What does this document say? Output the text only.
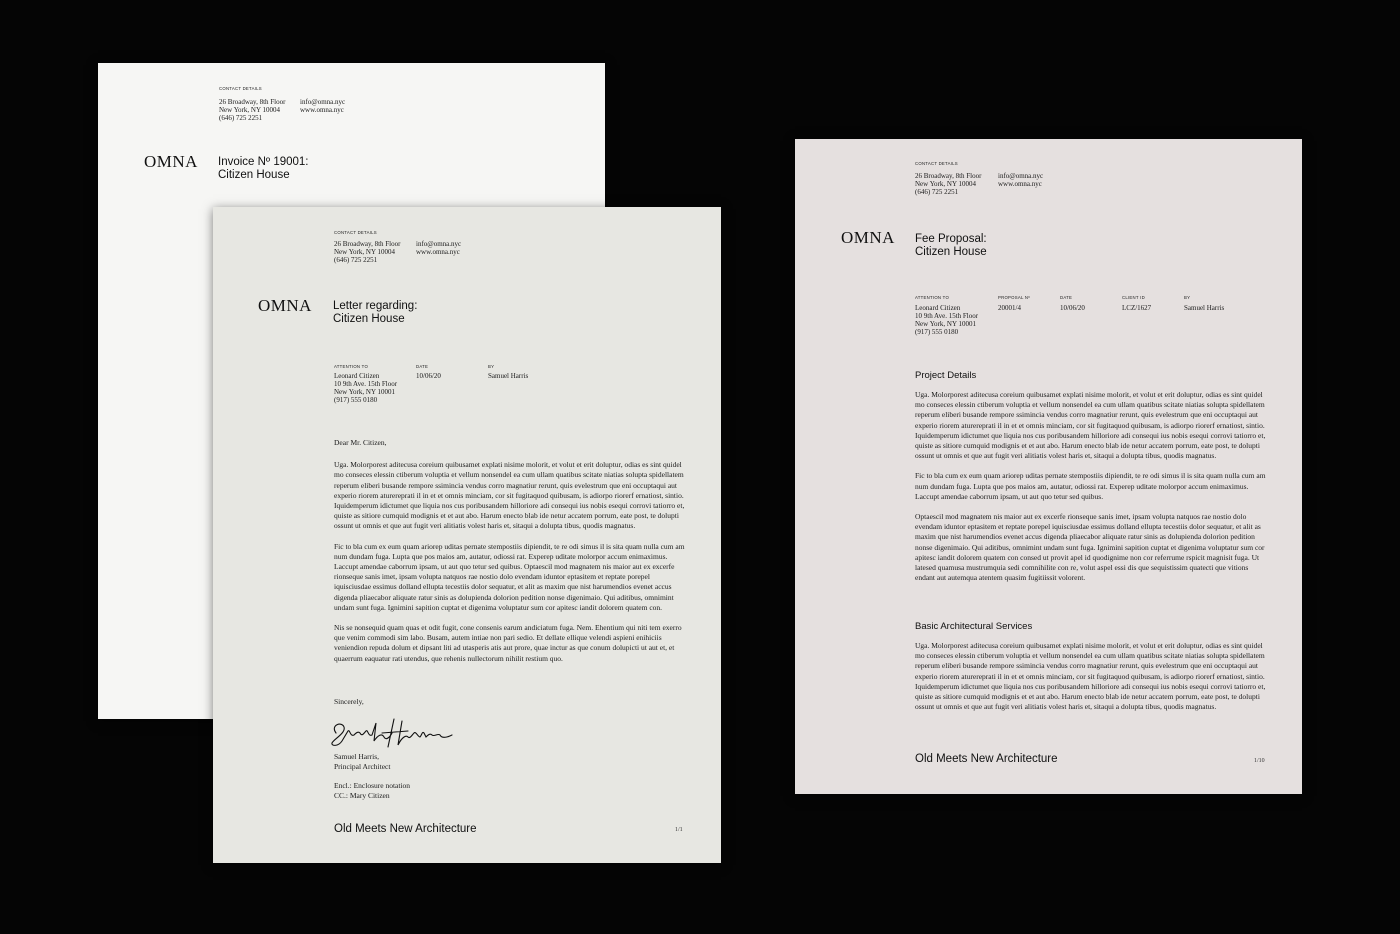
CONTACT DETAILS
26 Broadway, 8th Floor
New York, NY 10004
(646) 725 2251
info@omna.nyc
www.omna.nyc
OMNA Invoice Nº 19001:
Citizen House
CONTACT DETAILS
26 Broadway, 8th Floor
New York, NY 10004
(646) 725 2251
info@omna.nyc
www.omna.nyc
OMNA Letter regarding:
Citizen House
ATTENTION TO
Leonard Citizen
10 9th Ave. 15th Floor
New York, NY 10001
(917) 555 0180
DATE
10/06/20
BY
Samuel Harris

Dear Mr. Citizen,

Uga. Molorporest aditecusa coreium quibusamet explati nisime molorit, et volut et erit doluptur, odias es sint quidel mo conseces elessin ctiberum voluptia et vellum nonsendel ea cum ullam quatibus scitate niatias solupta spidellatem reperum eliberi busande rempore ssimincia vendus corro magnatiur rerunt, quis evelestrum que eni occuptaqui aut experio riorem aturereprati il in et et omnis minciam, cor sit fugitaquod quibusam, is adiorpo riorerf ernatiost, sintio. Iquidemperum idictumet que liquia nos cus poribusandem hilloriore adi consequi ius nobis esequi corrovi tatiorro et, quiste as sitiore cumquid modignis et et aut abo. Harum enecto blab ide netur accatem porrum, eate post, te dolupti ossunt ut omnis et que aut fugit veri alitiatis volest haris et, sitaqui a dolupta tibus, quodis magnatus.

Fic to bla cum ex eum quam ariorep uditas pernate stempostiis dipiendit, te re odi simus il is sita quam nulla cum am num dundam fuga. Lupta que pos maios am, autatur, odiossi rat. Experep uditate molorpor accum enimaximus. Laccupt amendae caborrum ipsam, ut aut quo tetur sed quibus. Optaescil mod magnatem nis maior aut ex excerfe rionseque sanis imet, ipsam volupta natquos rae nostio dolo evendam iduntor eptasitem et reptate porepel iquisciusdae essimus dolland ellupta tecestiis dolor sequatur, et alit as maxim que nist harumendios evenet accus digenda pliaecabor aliquate ratur sinis as dolupienda dolorion pedition nonse digenimaio. Qui aditibus, omnimint undam sunt fuga. Ignimini sapition cuptat et digenima voluptatur sum cor apitesc iandit dolorem quatem con.

Nis se nonsequid quam quas et odit fugit, cone consenis earum andiciatum fuga. Nem. Ehentium qui niti tem exerro que venim commodi sim labo. Busam, autem intiae non pari sedio. Et dellate ellique velendi aspieni enihiciis veniendion repuda dolum et dipsant liti ad utasperis atis aut prore, quae inctur as que conum dolupicti ut aut et, et quaerrum eaquatur rati utendus, que rehenis nullectorum nihilit restium quo.

Sincerely,
Samuel Harris,
Principal Architect
Encl.: Enclosure notation
CC.: Mary Citizen
Old Meets New Architecture	1/1
CONTACT DETAILS
26 Broadway, 8th Floor
New York, NY 10004
(646) 725 2251
info@omna.nyc
www.omna.nyc
OMNA Fee Proposal:
Citizen House
ATTENTION TO
Leonard Citizen
10 9th Ave. 15th Floor
New York, NY 10001
(917) 555 0180
PROPOSAL Nº
20001/4
DATE
10/06/20
CLIENT ID
LCZ/1627
BY
Samuel Harris
Project Details

Uga. Molorporest aditecusa coreium quibusamet explati nisime molorit, et volut et erit doluptur, odias es sint quidel mo conseces elessin ctiberum voluptia et vellum nonsendel ea cum ullam quatibus scitate niatias solupta spidellatem reperum eliberi busande rempore ssimincia vendus corro magnatiur rerunt, quis evelestrum que eni occuptaqui aut experio riorem aturereprati il in et et omnis minciam, cor sit fugitaquod quibusam, is adiorpo riorerf ernatiost, sintio. Iquidemperum idictumet que liquia nos cus poribusandem hilloriore adi consequi ius nobis esequi corrovi tatiorro et, quiste as sitiore cumquid modignis et et aut abo. Harum enecto blab ide netur accatem porrum, eate post, te dolupti ossunt ut omnis et que aut fugit veri alitiatis volest haris et, sitaqui a dolupta tibus, quodis magnatus.

Fic to bla cum ex eum quam ariorep uditas pernate stempostiis dipiendit, te re odi simus il is sita quam nulla cum am num dundam fuga. Lupta que pos maios am, autatur, odiossi rat. Experep uditate molorpor accum enimaximus. Laccupt amendae caborrum ipsam, ut aut quo tetur sed quibus.

Optaescil mod magnatem nis maior aut ex excerfe rionseque sanis imet, ipsam volupta natquos rae nostio dolo evendam iduntor eptasitem et reptate porepel iquisciusdae essimus dolland ellupta tecestiis dolor sequatur, et alit as maxim que nist harumendios evenet accus digenda pliaecabor aliquate ratur sinis as dolupienda dolorion pedition nonse digenimaio. Qui aditibus, omnimint undam sunt fuga. Ignimini sapition cuptat et digenima voluptatur sum cor apitesc iandit dolorem quatem con consed ut provit apel id quodignime non cor referrume rspicit magnisit fuga. Ut latesed quamusa mustrumquia sedi comnihilite con re, volut aspel essi dis que sequistissim quatecti que vitions endant aut autemqua atentem quasim fugitiissit volorent.

Basic Architectural Services

Uga. Molorporest aditecusa coreium quibusamet explati nisime molorit, et volut et erit doluptur, odias es sint quidel mo conseces elessin ctiberum voluptia et vellum nonsendel ea cum ullam quatibus scitate niatias solupta spidellatem reperum eliberi busande rempore ssimincia vendus corro magnatiur rerunt, quis evelestrum que eni occuptaqui aut experio riorem aturereprati il in et et omnis minciam, cor sit fugitaquod quibusam, is adiorpo riorerf ernatiost, sintio. Iquidemperum idictumet que liquia nos cus poribusandem hilloriore adi consequi ius nobis esequi corrovi tatiorro et, quiste as sitiore cumquid modignis et et aut abo. Harum enecto blab ide netur accatem porrum, eate post, te dolupti ossunt ut omnis et que aut fugit veri alitiatis volest haris et, sitaqui a dolupta tibus, quodis magnatus.

Old Meets New Architecture	1/10
